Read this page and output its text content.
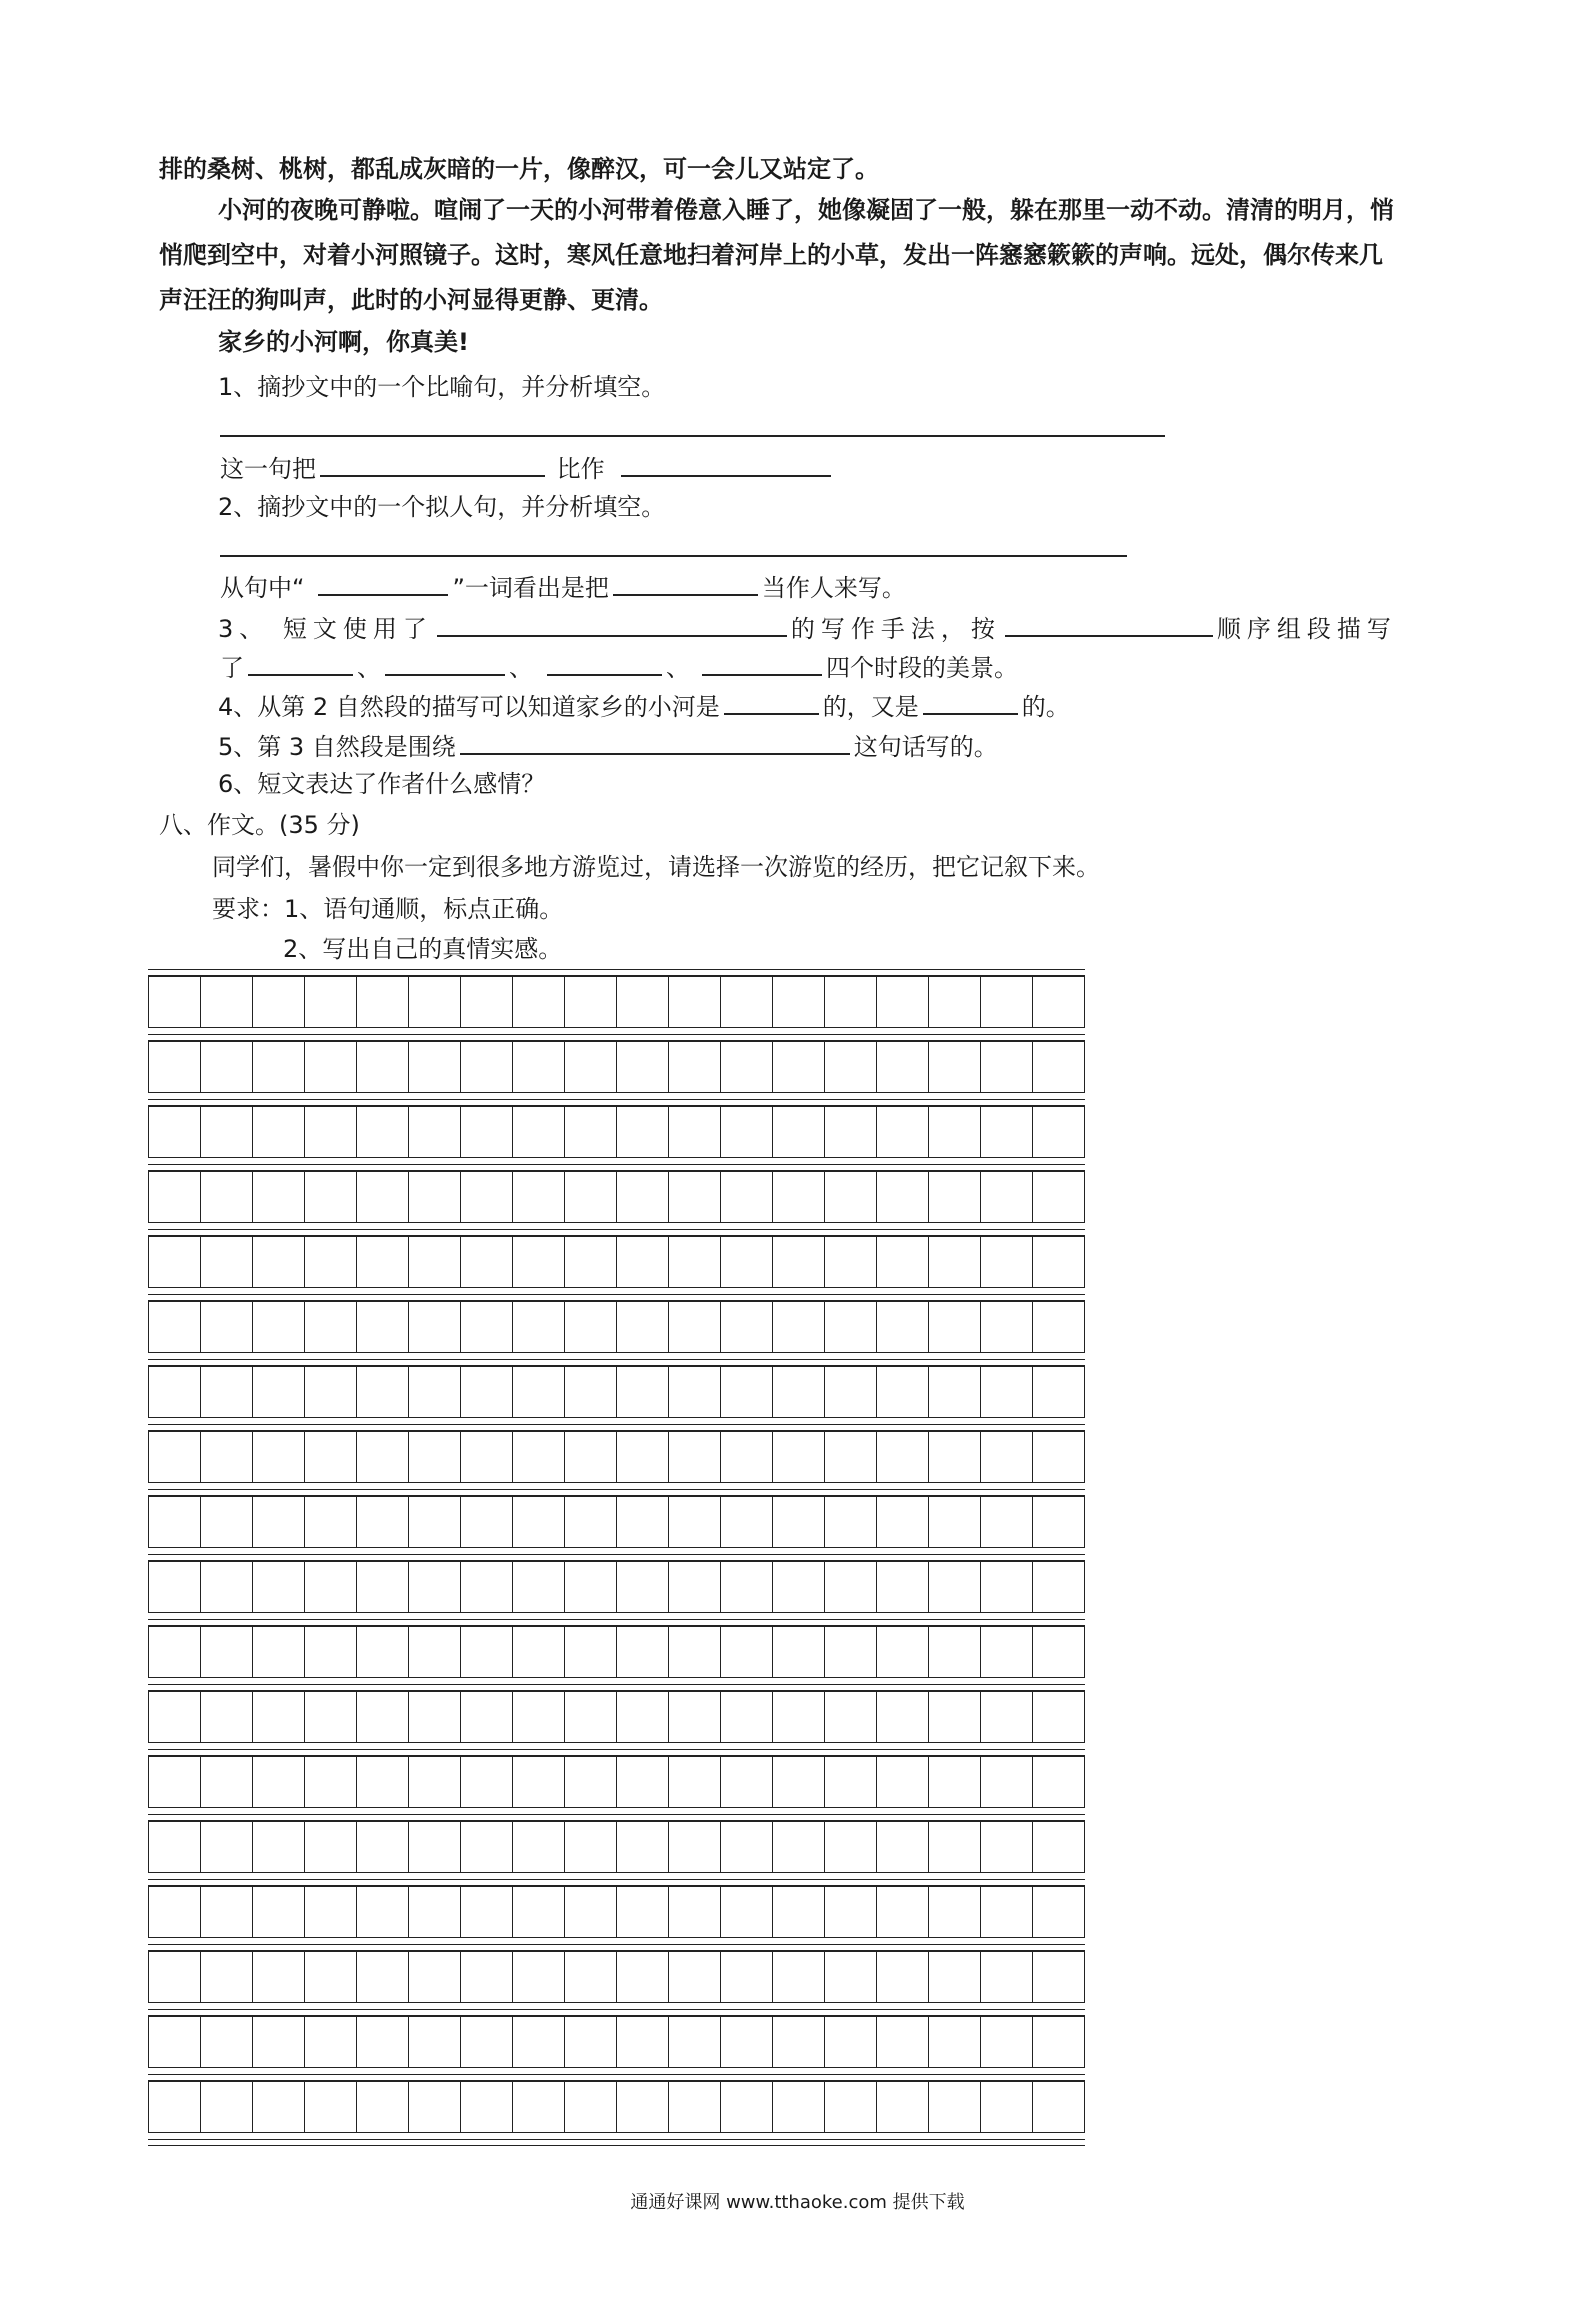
排的桑树、桃树，都乱成灰暗的一片，像醉汉，可一会儿又站定了。
小河的夜晚可静啦。喧闹了一天的小河带着倦意入睡了，她像凝固了一般，躲在那里一动不动。清清的明月，悄
悄爬到空中，对着小河照镜子。这时，寒风任意地扫着河岸上的小草，发出一阵窸窸簌簌的声响。远处，偶尔传来几
声汪汪的狗叫声，此时的小河显得更静、更清。
家乡的小河啊，你真美!
1、摘抄文中的一个比喻句，并分析填空。
这一句把	比作
2、摘抄文中的一个拟人句，并分析填空。
从句中“	”一词看出是把	当作人来写。
3、 短文使用了	的写作手法，按	顺序组段描写
了	、	、	、	四个时段的美景。
4、从第 2 自然段的描写可以知道家乡的小河是	的，又是	的。
5、第 3 自然段是围绕	这句话写的。
6、短文表达了作者什么感情？
八、作文。(35 分)
同学们，暑假中你一定到很多地方游览过，请选择一次游览的经历，把它记叙下来。
要求：1、语句通顺，标点正确。
2、写出自己的真情实感。
通通好课网 www.tthaoke.com 提供下载
